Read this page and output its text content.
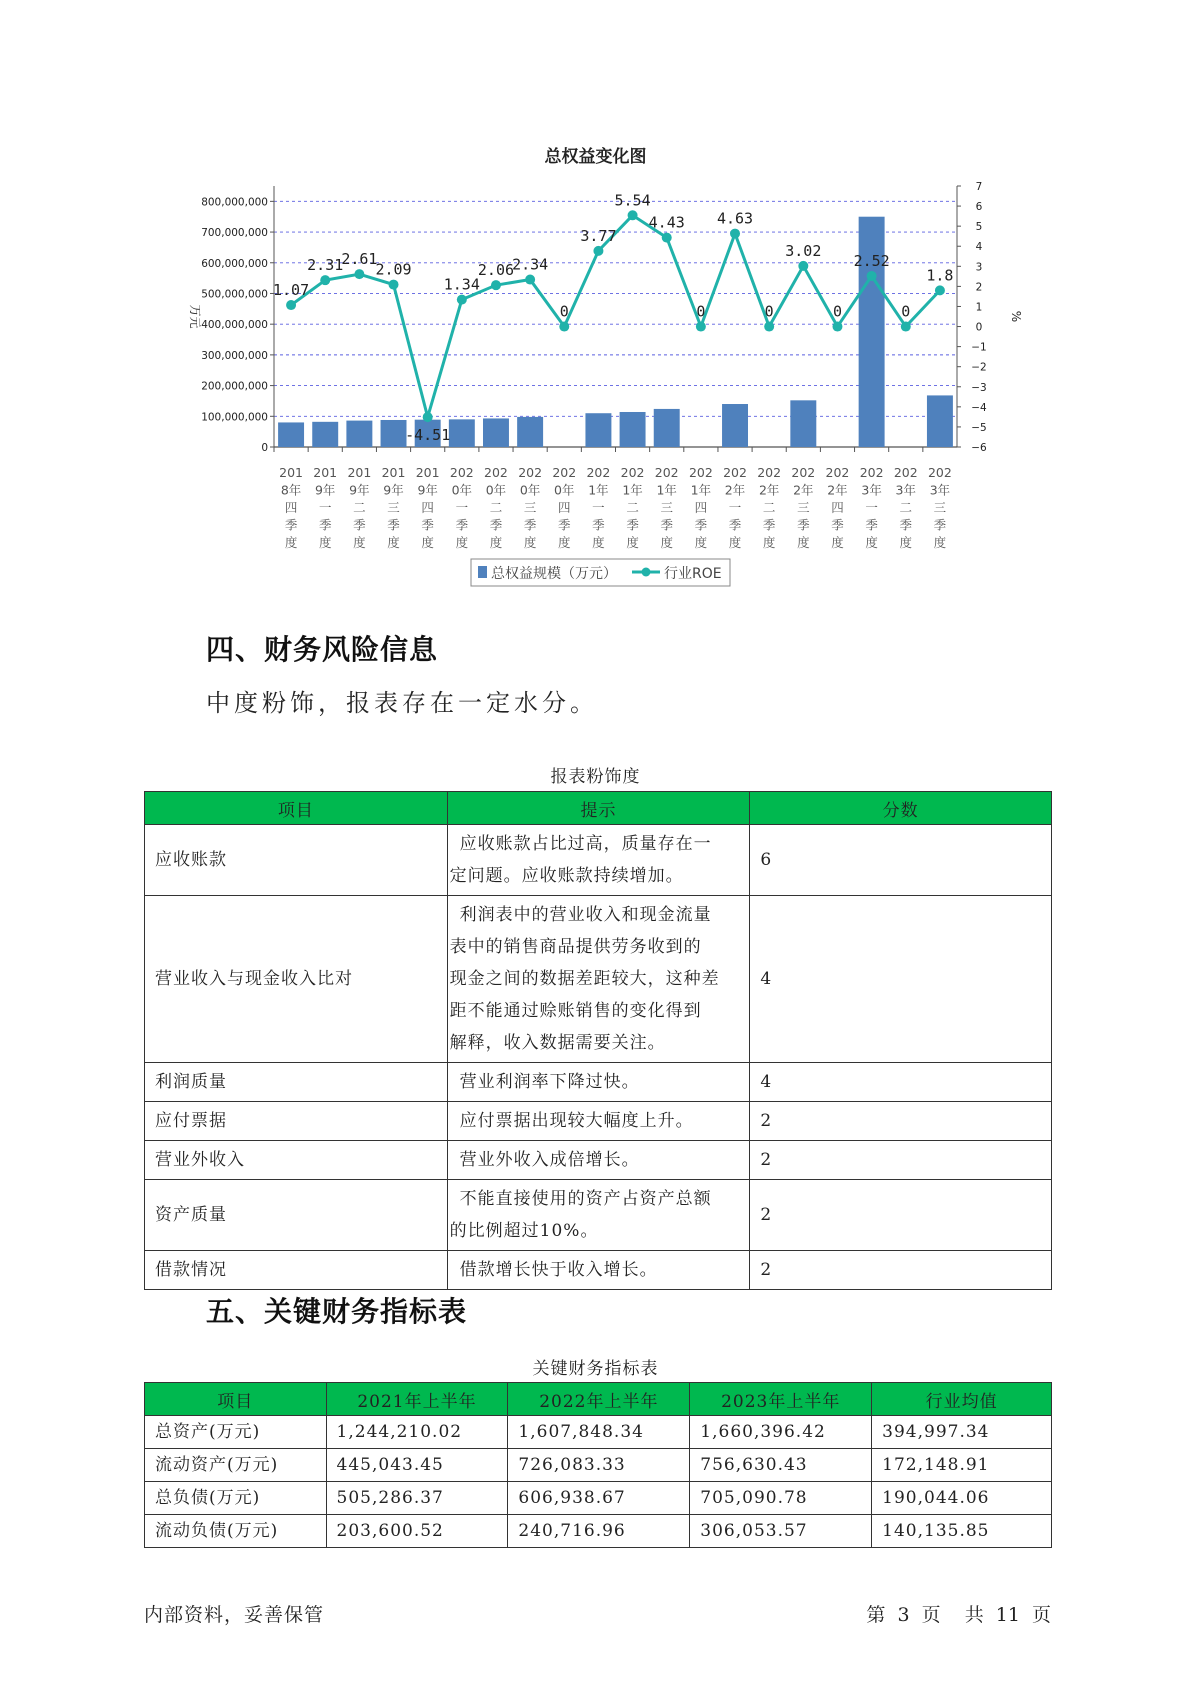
总权益变化图
800,000,000
700,000,000
600,000,000
500,000,000
400,000,000
300,000,000
200,000,000
100,000,000
0
7
6
5
4
3
2
1
0
−1
−2
−3
−4
−5
−6
万元	%
201
8年
四
季
度
201
9年
一
季
度
201
9年
二
季
度
201
9年
三
季
度
201
9年
四
季
度
202
0年
一
季
度
202
0年
二
季
度
202
0年
三
季
度
202
0年
四
季
度
202
1年
一
季
度
202
1年
二
季
度
202
1年
三
季
度
202
1年
四
季
度
202
2年
一
季
度
202
2年
二
季
度
202
2年
三
季
度
202
2年
四
季
度
202
3年
一
季
度
202
3年
二
季
度
202
3年
三
季
度
1.07
2.31
2.61
2.09
-4.51
1.34
2.06
2.34
0
3.77
5.54
4.43
0
4.63
0
3.02
0
2.52
0
1.8
总权益规模（万元）	行业ROE
四、财务风险信息
中度粉饰，报表存在一定水分。
报表粉饰度
项目	提示	分数
应收账款	应收账款占比过高，质量存在一
定问题。应收账款持续增加。	6
营业收入与现金收入比对	利润表中的营业收入和现金流量
表中的销售商品提供劳务收到的
现金之间的数据差距较大，这种差
距不能通过赊账销售的变化得到
解释，收入数据需要关注。	4
利润质量	营业利润率下降过快。	4
应付票据	应付票据出现较大幅度上升。	2
营业外收入	营业外收入成倍增长。	2
资产质量	不能直接使用的资产占资产总额
的比例超过10%。	2
借款情况	借款增长快于收入增长。	2
五、关键财务指标表
关键财务指标表
项目	2021年上半年	2022年上半年	2023年上半年	行业均值
总资产(万元)	1,244,210.02	1,607,848.34	1,660,396.42	394,997.34
流动资产(万元)	445,043.45	726,083.33	756,630.43	172,148.91
总负债(万元)	505,286.37	606,938.67	705,090.78	190,044.06
流动负债(万元)	203,600.52	240,716.96	306,053.57	140,135.85
内部资料，妥善保管	第 3 页 共 11 页
